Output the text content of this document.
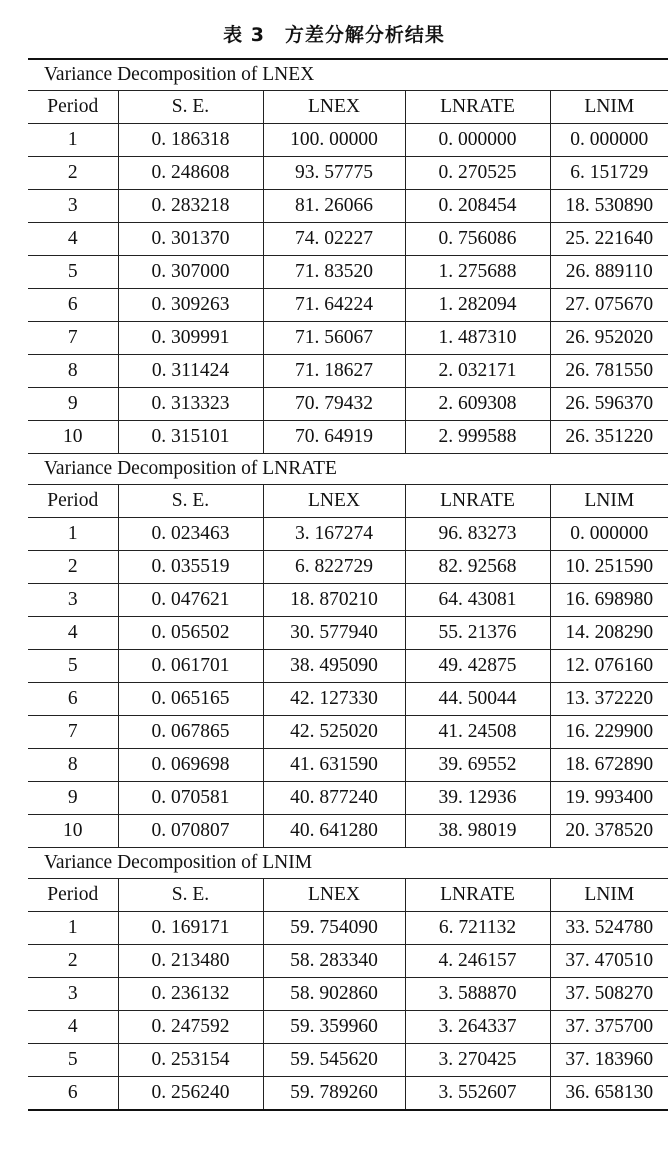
表 3　方差分解分析结果
Variance Decomposition of LNEX				
Period	S. E.	LNEX	LNRATE	LNIM
1	0. 186318	100. 00000	0. 000000	0. 000000
2	0. 248608	93. 57775	0. 270525	6. 151729
3	0. 283218	81. 26066	0. 208454	18. 530890
4	0. 301370	74. 02227	0. 756086	25. 221640
5	0. 307000	71. 83520	1. 275688	26. 889110
6	0. 309263	71. 64224	1. 282094	27. 075670
7	0. 309991	71. 56067	1. 487310	26. 952020
8	0. 311424	71. 18627	2. 032171	26. 781550
9	0. 313323	70. 79432	2. 609308	26. 596370
10	0. 315101	70. 64919	2. 999588	26. 351220
Variance Decomposition of LNRATE				
Period	S. E.	LNEX	LNRATE	LNIM
1	0. 023463	3. 167274	96. 83273	0. 000000
2	0. 035519	6. 822729	82. 92568	10. 251590
3	0. 047621	18. 870210	64. 43081	16. 698980
4	0. 056502	30. 577940	55. 21376	14. 208290
5	0. 061701	38. 495090	49. 42875	12. 076160
6	0. 065165	42. 127330	44. 50044	13. 372220
7	0. 067865	42. 525020	41. 24508	16. 229900
8	0. 069698	41. 631590	39. 69552	18. 672890
9	0. 070581	40. 877240	39. 12936	19. 993400
10	0. 070807	40. 641280	38. 98019	20. 378520
Variance Decomposition of LNIM				
Period	S. E.	LNEX	LNRATE	LNIM
1	0. 169171	59. 754090	6. 721132	33. 524780
2	0. 213480	58. 283340	4. 246157	37. 470510
3	0. 236132	58. 902860	3. 588870	37. 508270
4	0. 247592	59. 359960	3. 264337	37. 375700
5	0. 253154	59. 545620	3. 270425	37. 183960
6	0. 256240	59. 789260	3. 552607	36. 658130
